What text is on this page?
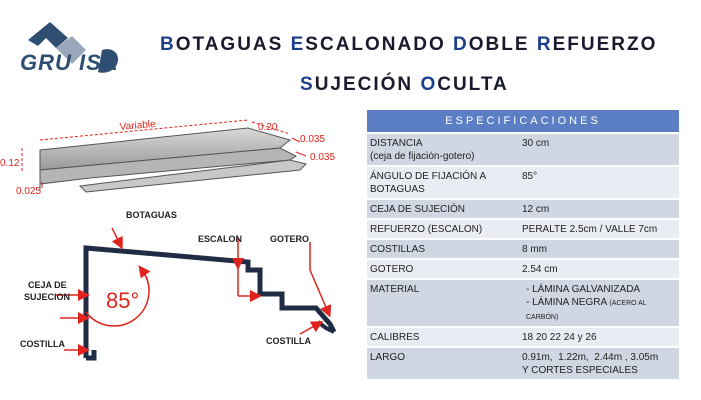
GRU ISA
BOTAGUAS ESCALONADO DOBLE REFUERZO
SUJECIÓN OCULTA
Variable	0.20
0.035
0.035
0.12
0.025
BOTAGUAS
ESCALON	GOTERO
CEJA DE
SUJECION 85°
COSTILLA	COSTILLA
ESPECIFICACIONES	

DISTANCIA
(ceja de fijación-gotero)	30 cm

ÁNGULO DE FIJACIÓN A
BOTAGUAS	85°

CEJA DE SUJECIÓN	12 cm

REFUERZO (ESCALON)	PERALTE 2.5cm / VALLE 7cm

COSTILLAS	8 mm

GOTERO	2.54 cm

MATERIAL	- LÁMINA GALVANIZADA
- LÁMINA NEGRA (ACERO AL CARBÓN)

CALIBRES	18 20 22 24 y 26

LARGO	0.91m,  1.22m,  2.44m , 3.05m
Y CORTES ESPECIALES
